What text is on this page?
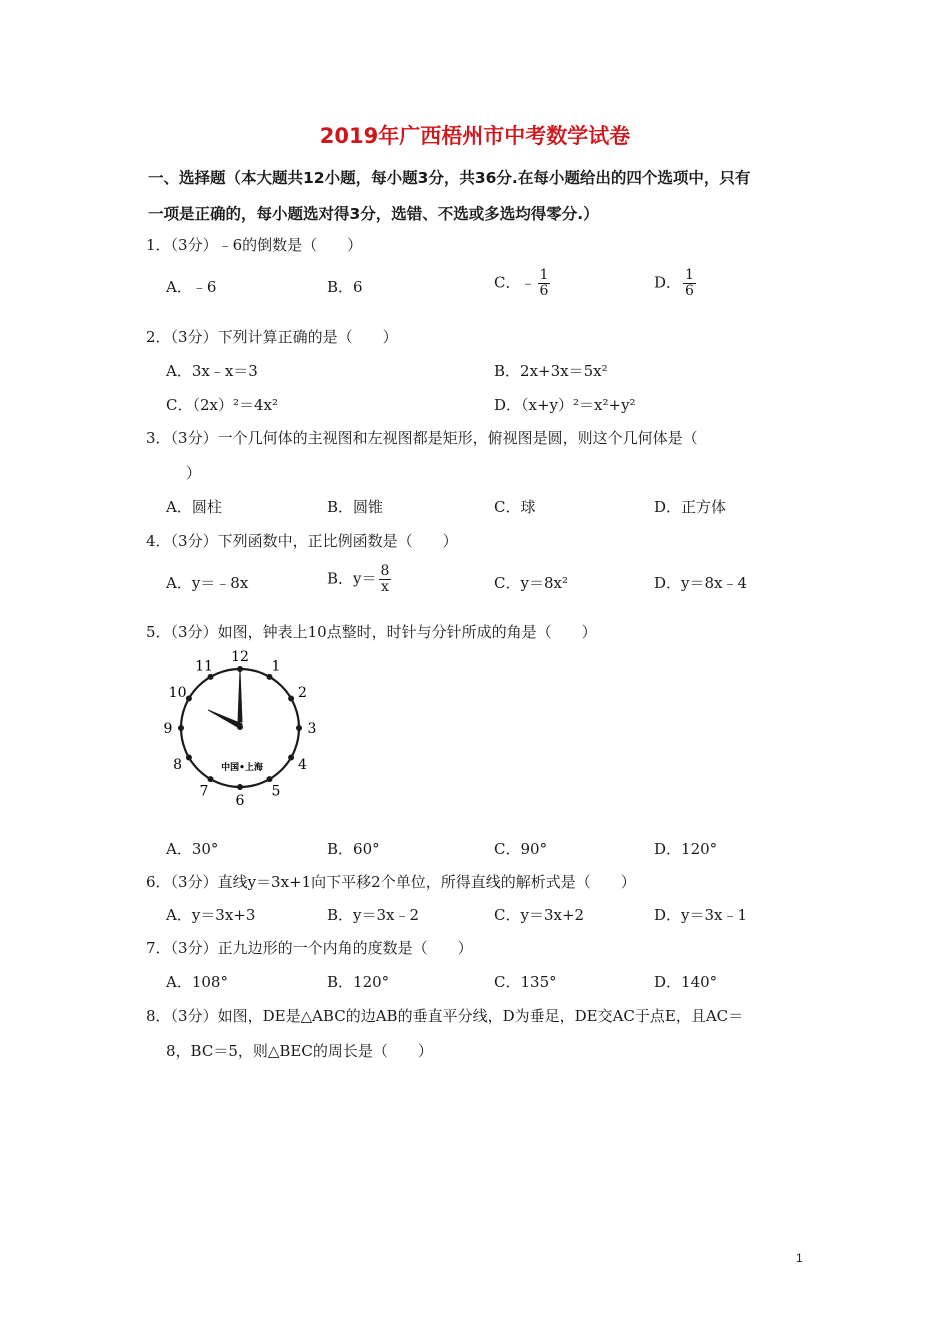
2019年广西梧州市中考数学试卷
一、选择题（本大题共12小题，每小题3分，共36分.在每小题给出的四个选项中，只有
一项是正确的，每小题选对得3分，选错、不选或多选均得零分.）
1．（3分）﹣6的倒数是（　　）
A．﹣6	B．6	C．﹣ $\frac{1}{6}$	D． $\frac{1}{6}$
2．（3分）下列计算正确的是（　　）
A．3x﹣x＝3	B．2x+3x＝5x²
C．（2x）²＝4x²	D．（x+y）²＝x²+y²
3．（3分）一个几何体的主视图和左视图都是矩形，俯视图是圆，则这个几何体是（
）
A．圆柱	B．圆锥	C．球	D．正方体
4．（3分）下列函数中，正比例函数是（　　）
A．y＝﹣8x	B．$y= \frac{8}{x}$	C．y＝8x²	D．y＝8x﹣4
5．（3分）如图，钟表上10点整时，时针与分针所成的角是（　　）
12
1
2
3
4
5
6
7
8
9
10
11
中国•上海
A．30°	B．60°	C．90°	D．120°
6．（3分）直线y＝3x+1向下平移2个单位，所得直线的解析式是（　　）
A．y＝3x+3	B．y＝3x﹣2	C．y＝3x+2	D．y＝3x﹣1
7．（3分）正九边形的一个内角的度数是（　　）
A．108°	B．120°	C．135°	D．140°
8．（3分）如图，DE是△ABC的边AB的垂直平分线，D为垂足，DE交AC于点E，且AC＝
8，BC＝5，则△BEC的周长是（　　）
1
